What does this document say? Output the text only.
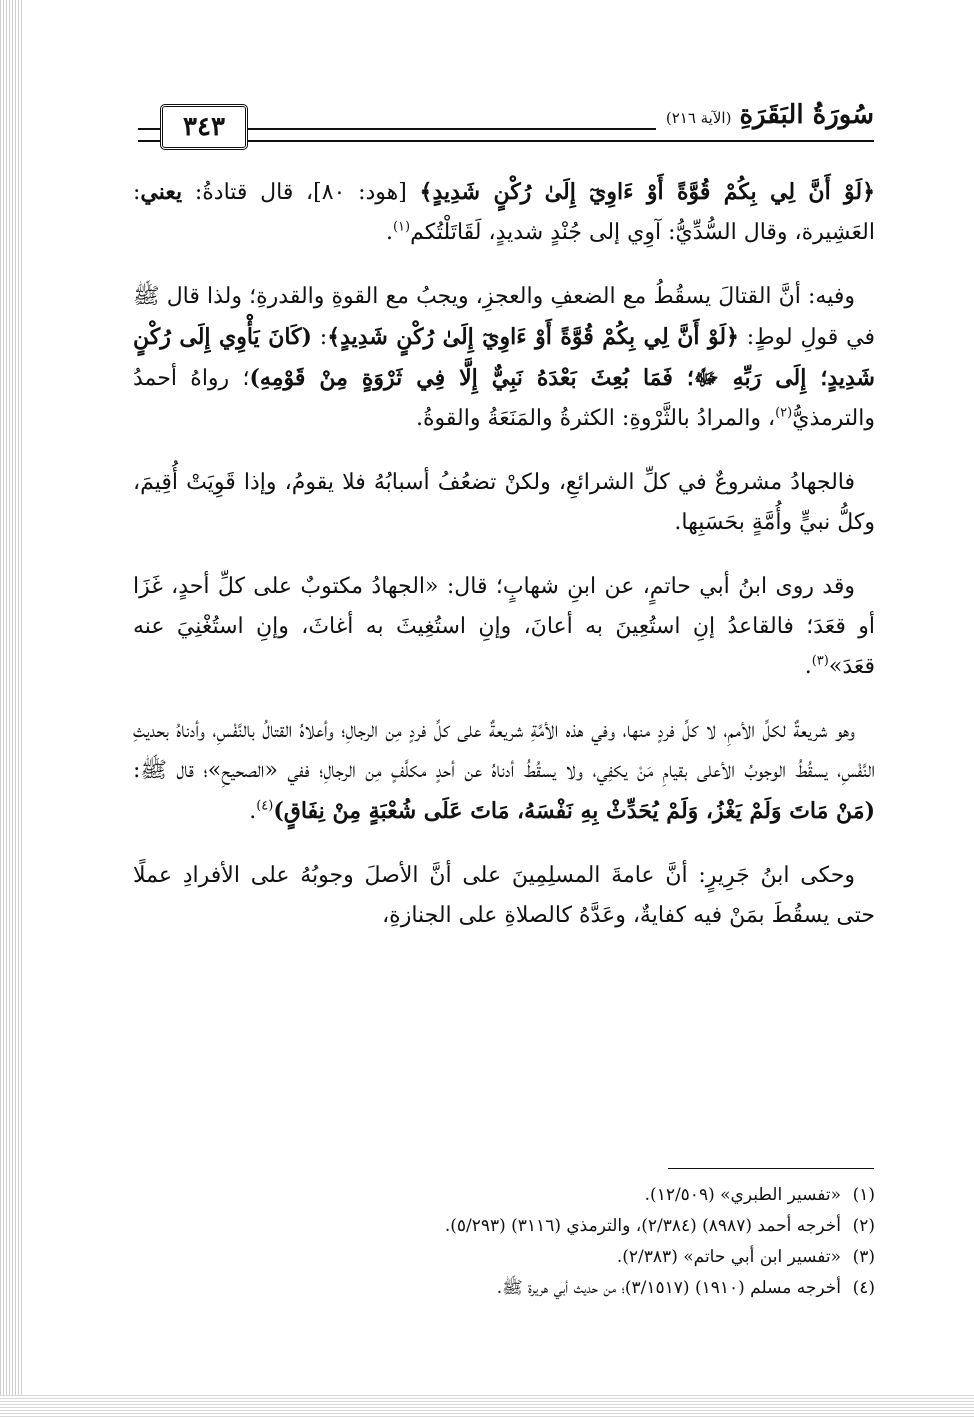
٣٤٣	سُورَةُ البَقَرَةِ
(الآية ٢١٦)

﴿لَوْ أَنَّ لِي بِكُمْ قُوَّةً أَوْ ءَاوِيٓ إِلَىٰ رُكْنٍ شَدِيدٍ﴾ [هود: ٨٠]، قال قتادةُ: يعني: العَشِيرة، وقال السُّدِّيُّ: آوِي إلى جُنْدٍ شديدٍ، لَقَاتَلْتُكم$^{(١)}$.

وفيه: أنَّ القتالَ يسقُطُ مع الضعفِ والعجزِ، ويجبُ مع القوةِ والقدرةِ؛ ولذا قال ﷺ في قولِ لوطٍ: ﴿لَوْ أَنَّ لِي بِكُمْ قُوَّةً أَوْ ءَاوِيٓ إِلَىٰ رُكْنٍ شَدِيدٍ﴾: (كَانَ يَأْوِي إِلَى رُكْنٍ شَدِيدٍ؛ إِلَى رَبِّهِ ﷻ؛ فَمَا بُعِثَ بَعْدَهُ نَبِيٌّ إِلَّا فِي ثَرْوَةٍ مِنْ قَوْمِهِ)؛ رواهُ أحمدُ والترمذيُّ$^{(٢)}$، والمرادُ بالثَّرْوةِ: الكثرةُ والمَنَعَةُ والقوةُ.

فالجهادُ مشروعٌ في كلِّ الشرائعِ، ولكنْ تضعُفُ أسبابُهُ فلا يقومُ، وإذا قَوِيَتْ أُقِيمَ، وكلُّ نبيٍّ وأُمَّةٍ بحَسَبِها.

وقد روى ابنُ أبي حاتمٍ، عن ابنِ شهابٍ؛ قال: «الجهادُ مكتوبٌ على كلِّ أحدٍ، غَزَا أو قعَدَ؛ فالقاعدُ إنِ استُعِينَ به أعانَ، وإنِ استُغِيثَ به أغاثَ، وإنِ استُغْنِيَ عنه قعَدَ»$^{(٣)}$.

وهو شريعةٌ لكلِّ الأممِ، لا كلِّ فردٍ منها، وفي هذه الأمَّةِ شريعةٌ على كلِّ فردٍ مِن الرجالِ؛ وأعلاهُ القتالُ بالنَّفْسِ، وأدناهُ بحديثِ النَّفْسِ، يسقُطُ الوجوبُ الأعلى بقيامِ مَنْ يكفِي، ولا يسقُطُ أدناهُ عن أحدٍ مكلَّفٍ مِن الرجالِ؛ ففي «الصحيحِ»؛ قال ﷺ: (مَنْ مَاتَ وَلَمْ يَغْزُ، وَلَمْ يُحَدِّثْ بِهِ نَفْسَهُ، مَاتَ عَلَى شُعْبَةٍ مِنْ نِفَاقٍ)$^{(٤)}$.

وحكى ابنُ جَرِيرٍ: أنَّ عامةَ المسلِمِينَ على أنَّ الأصلَ وجوبُهُ على الأفرادِ عملًا حتى يسقُطَ بمَنْ فيه كفايةٌ، وعَدَّهُ كالصلاةِ على الجنازةِ،

(١)«تفسير الطبري» (١٢/٥٠٩).

(٢)أخرجه أحمد (٨٩٨٧) (٢/٣٨٤)، والترمذي (٣١١٦) (٥/٢٩٣).

(٣)«تفسير ابن أبي حاتم» (٢/٣٨٣).

(٤)أخرجه مسلم (١٩١٠) (٣/١٥١٧)؛ من حديث أبي هريرة ﷺ.
